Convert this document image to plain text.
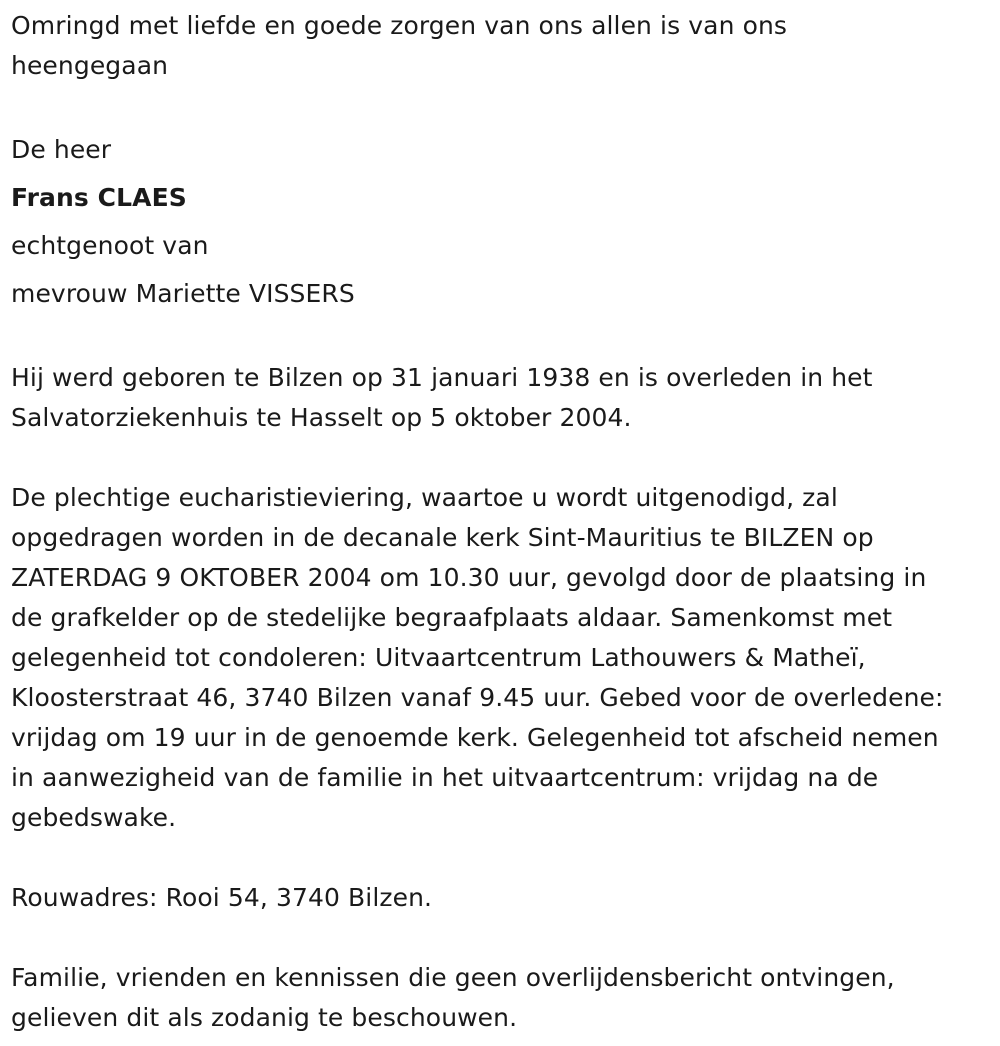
Omringd met liefde en goede zorgen van ons allen is van ons
heengegaan

De heer

Frans CLAES

echtgenoot van

mevrouw Mariette VISSERS

Hij werd geboren te Bilzen op 31 januari 1938 en is overleden in het
Salvatorziekenhuis te Hasselt op 5 oktober 2004.

De plechtige eucharistieviering, waartoe u wordt uitgenodigd, zal
opgedragen worden in de decanale kerk Sint-Mauritius te BILZEN op
ZATERDAG 9 OKTOBER 2004 om 10.30 uur, gevolgd door de plaatsing in
de grafkelder op de stedelijke begraafplaats aldaar. Samenkomst met
gelegenheid tot condoleren: Uitvaartcentrum Lathouwers & Matheï,
Kloosterstraat 46, 3740 Bilzen vanaf 9.45 uur. Gebed voor de overledene:
vrijdag om 19 uur in de genoemde kerk. Gelegenheid tot afscheid nemen
in aanwezigheid van de familie in het uitvaartcentrum: vrijdag na de
gebedswake.

Rouwadres: Rooi 54, 3740 Bilzen.

Familie, vrienden en kennissen die geen overlijdensbericht ontvingen,
gelieven dit als zodanig te beschouwen.
